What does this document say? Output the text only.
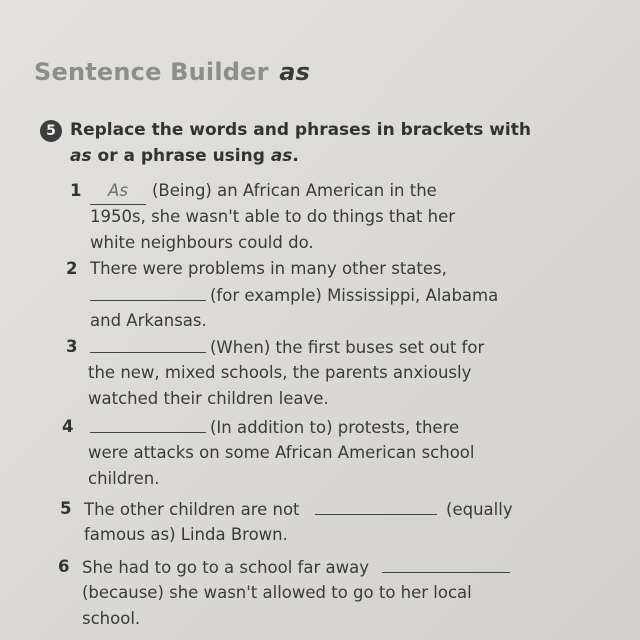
Sentence Builder as
5 Replace the words and phrases in brackets with
as or a phrase using as.
1	As (Being) an African American in the
1950s, she wasn't able to do things that her
white neighbours could do.
2 There were problems in many other states,
(for example) Mississippi, Alabama
and Arkansas.
3	(When) the first buses set out for
the new, mixed schools, the parents anxiously
watched their children leave.
4	(In addition to) protests, there
were attacks on some African American school
children.
5 The other children are not	(equally
famous as) Linda Brown.
6 She had to go to a school far away
(because) she wasn't allowed to go to her local
school.
